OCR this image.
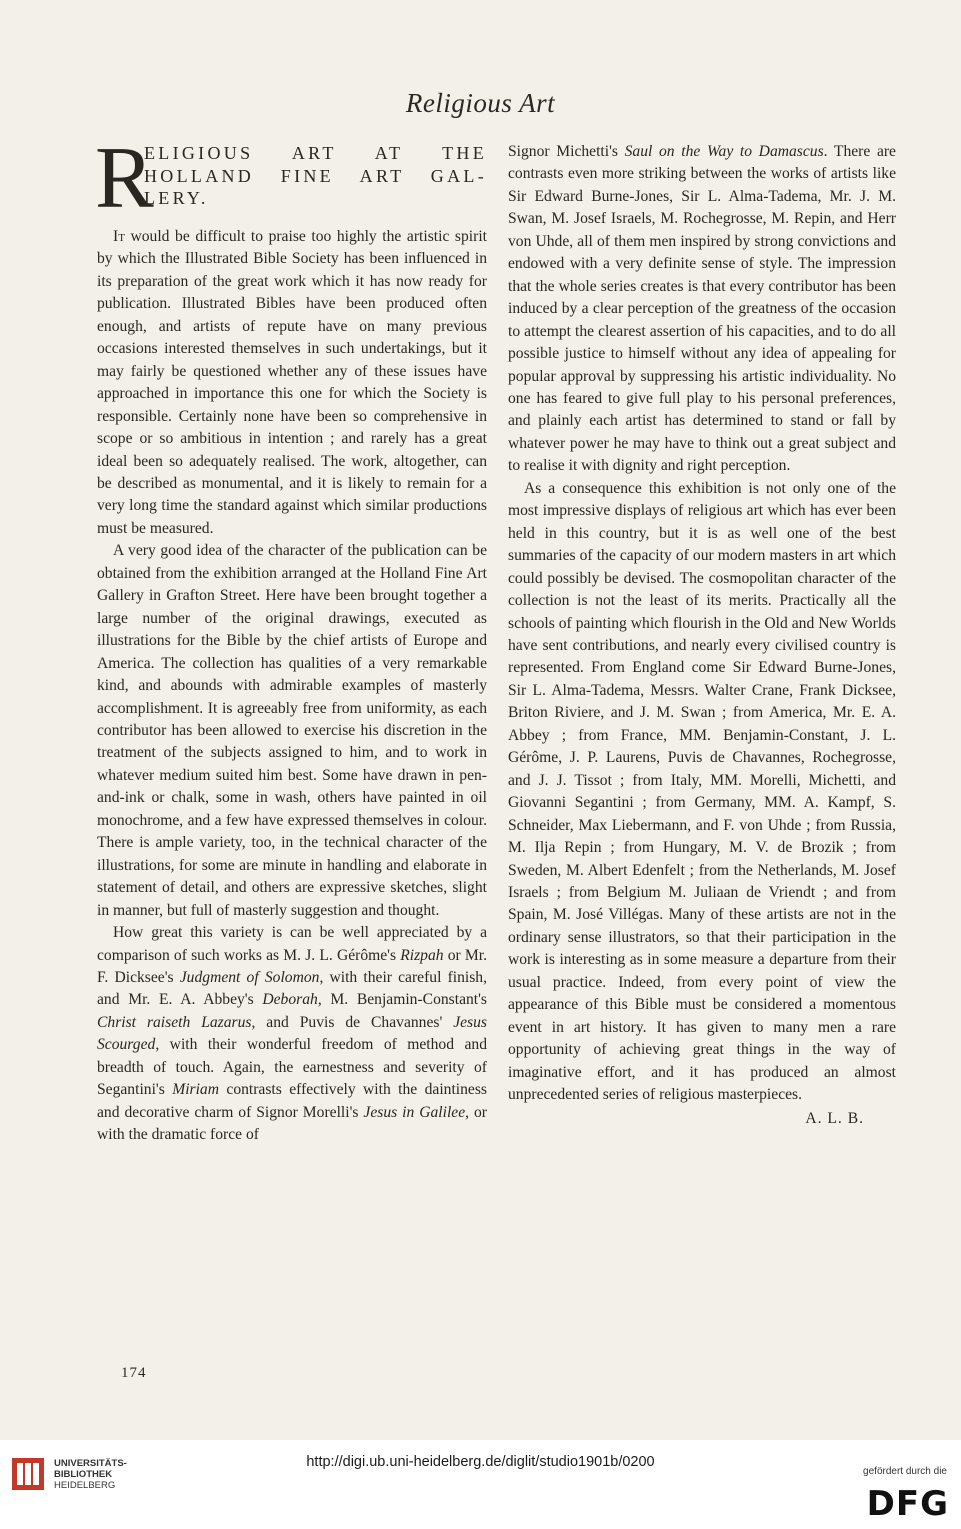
Religious Art
R
ELIGIOUS ART AT THE
HOLLAND FINE ART GAL-
LERY.

It would be difficult to praise too highly the artistic spirit by which the Illustrated Bible Society has been influenced in its preparation of the great work which it has now ready for publication. Illustrated Bibles have been produced often enough, and artists of repute have on many previous occasions interested themselves in such undertakings, but it may fairly be questioned whether any of these issues have approached in importance this one for which the Society is responsible. Certainly none have been so comprehensive in scope or so ambitious in intention ; and rarely has a great ideal been so adequately realised. The work, altogether, can be described as monumental, and it is likely to remain for a very long time the standard against which similar productions must be measured.

A very good idea of the character of the publication can be obtained from the exhibition arranged at the Holland Fine Art Gallery in Grafton Street. Here have been brought together a large number of the original drawings, executed as illustrations for the Bible by the chief artists of Europe and America. The collection has qualities of a very remarkable kind, and abounds with admirable examples of masterly accomplishment. It is agreeably free from uniformity, as each contributor has been allowed to exercise his discretion in the treatment of the subjects assigned to him, and to work in whatever medium suited him best. Some have drawn in pen-and-ink or chalk, some in wash, others have painted in oil monochrome, and a few have expressed themselves in colour. There is ample variety, too, in the technical character of the illustrations, for some are minute in handling and elaborate in statement of detail, and others are expressive sketches, slight in manner, but full of masterly suggestion and thought.

How great this variety is can be well appreciated by a comparison of such works as M. J. L. Gérôme's Rizpah or Mr. F. Dicksee's Judgment of Solomon, with their careful finish, and Mr. E. A. Abbey's Deborah, M. Benjamin-Constant's Christ raiseth Lazarus, and Puvis de Chavannes' Jesus Scourged, with their wonderful freedom of method and breadth of touch. Again, the earnestness and severity of Segantini's Miriam contrasts effectively with the daintiness and decorative charm of Signor Morelli's Jesus in Galilee, or with the dramatic force of

Signor Michetti's Saul on the Way to Damascus. There are contrasts even more striking between the works of artists like Sir Edward Burne-Jones, Sir L. Alma-Tadema, Mr. J. M. Swan, M. Josef Israels, M. Rochegrosse, M. Repin, and Herr von Uhde, all of them men inspired by strong convictions and endowed with a very definite sense of style. The impression that the whole series creates is that every contributor has been induced by a clear perception of the greatness of the occasion to attempt the clearest assertion of his capacities, and to do all possible justice to himself without any idea of appealing for popular approval by suppressing his artistic individuality. No one has feared to give full play to his personal preferences, and plainly each artist has determined to stand or fall by whatever power he may have to think out a great subject and to realise it with dignity and right perception.

As a consequence this exhibition is not only one of the most impressive displays of religious art which has ever been held in this country, but it is as well one of the best summaries of the capacity of our modern masters in art which could possibly be devised. The cosmopolitan character of the collection is not the least of its merits. Practically all the schools of painting which flourish in the Old and New Worlds have sent contributions, and nearly every civilised country is represented. From England come Sir Edward Burne-Jones, Sir L. Alma-Tadema, Messrs. Walter Crane, Frank Dicksee, Briton Riviere, and J. M. Swan ; from America, Mr. E. A. Abbey ; from France, MM. Benjamin-Constant, J. L. Gérôme, J. P. Laurens, Puvis de Chavannes, Rochegrosse, and J. J. Tissot ; from Italy, MM. Morelli, Michetti, and Giovanni Segantini ; from Germany, MM. A. Kampf, S. Schneider, Max Liebermann, and F. von Uhde ; from Russia, M. Ilja Repin ; from Hungary, M. V. de Brozik ; from Sweden, M. Albert Edenfelt ; from the Netherlands, M. Josef Israels ; from Belgium M. Juliaan de Vriendt ; and from Spain, M. José Villégas. Many of these artists are not in the ordinary sense illustrators, so that their participation in the work is interesting as in some measure a departure from their usual practice. Indeed, from every point of view the appearance of this Bible must be considered a momentous event in art history. It has given to many men a rare opportunity of achieving great things in the way of imaginative effort, and it has produced an almost unprecedented series of religious masterpieces.

A. L. B.

174
UNIVERSITÄTS-
BIBLIOTHEK
HEIDELBERG
http://digi.ub.uni-heidelberg.de/diglit/studio1901b/0200
gefördert durch die
DFG
